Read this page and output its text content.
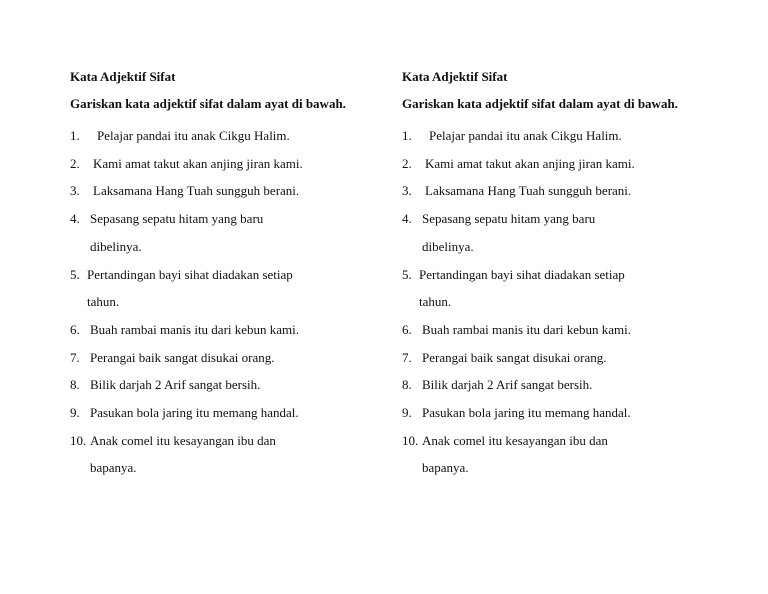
Kata Adjektif Sifat
Gariskan kata adjektif sifat dalam ayat di bawah.
1.	Pelajar pandai itu anak Cikgu Halim.
2.	Kami amat takut akan anjing jiran kami.
3.	Laksamana Hang Tuah sungguh berani.
4. Sepasang sepatu hitam yang baru
dibelinya.
5. Pertandingan bayi sihat diadakan setiap
tahun.
6. Buah rambai manis itu dari kebun kami.
7. Perangai baik sangat disukai orang.
8. Bilik darjah 2 Arif sangat bersih.
9. Pasukan bola jaring itu memang handal.
10. Anak comel itu kesayangan ibu dan
bapanya.
Kata Adjektif Sifat
Gariskan kata adjektif sifat dalam ayat di bawah.
1.	Pelajar pandai itu anak Cikgu Halim.
2.	Kami amat takut akan anjing jiran kami.
3.	Laksamana Hang Tuah sungguh berani.
4. Sepasang sepatu hitam yang baru
dibelinya.
5. Pertandingan bayi sihat diadakan setiap
tahun.
6. Buah rambai manis itu dari kebun kami.
7. Perangai baik sangat disukai orang.
8. Bilik darjah 2 Arif sangat bersih.
9. Pasukan bola jaring itu memang handal.
10. Anak comel itu kesayangan ibu dan
bapanya.
